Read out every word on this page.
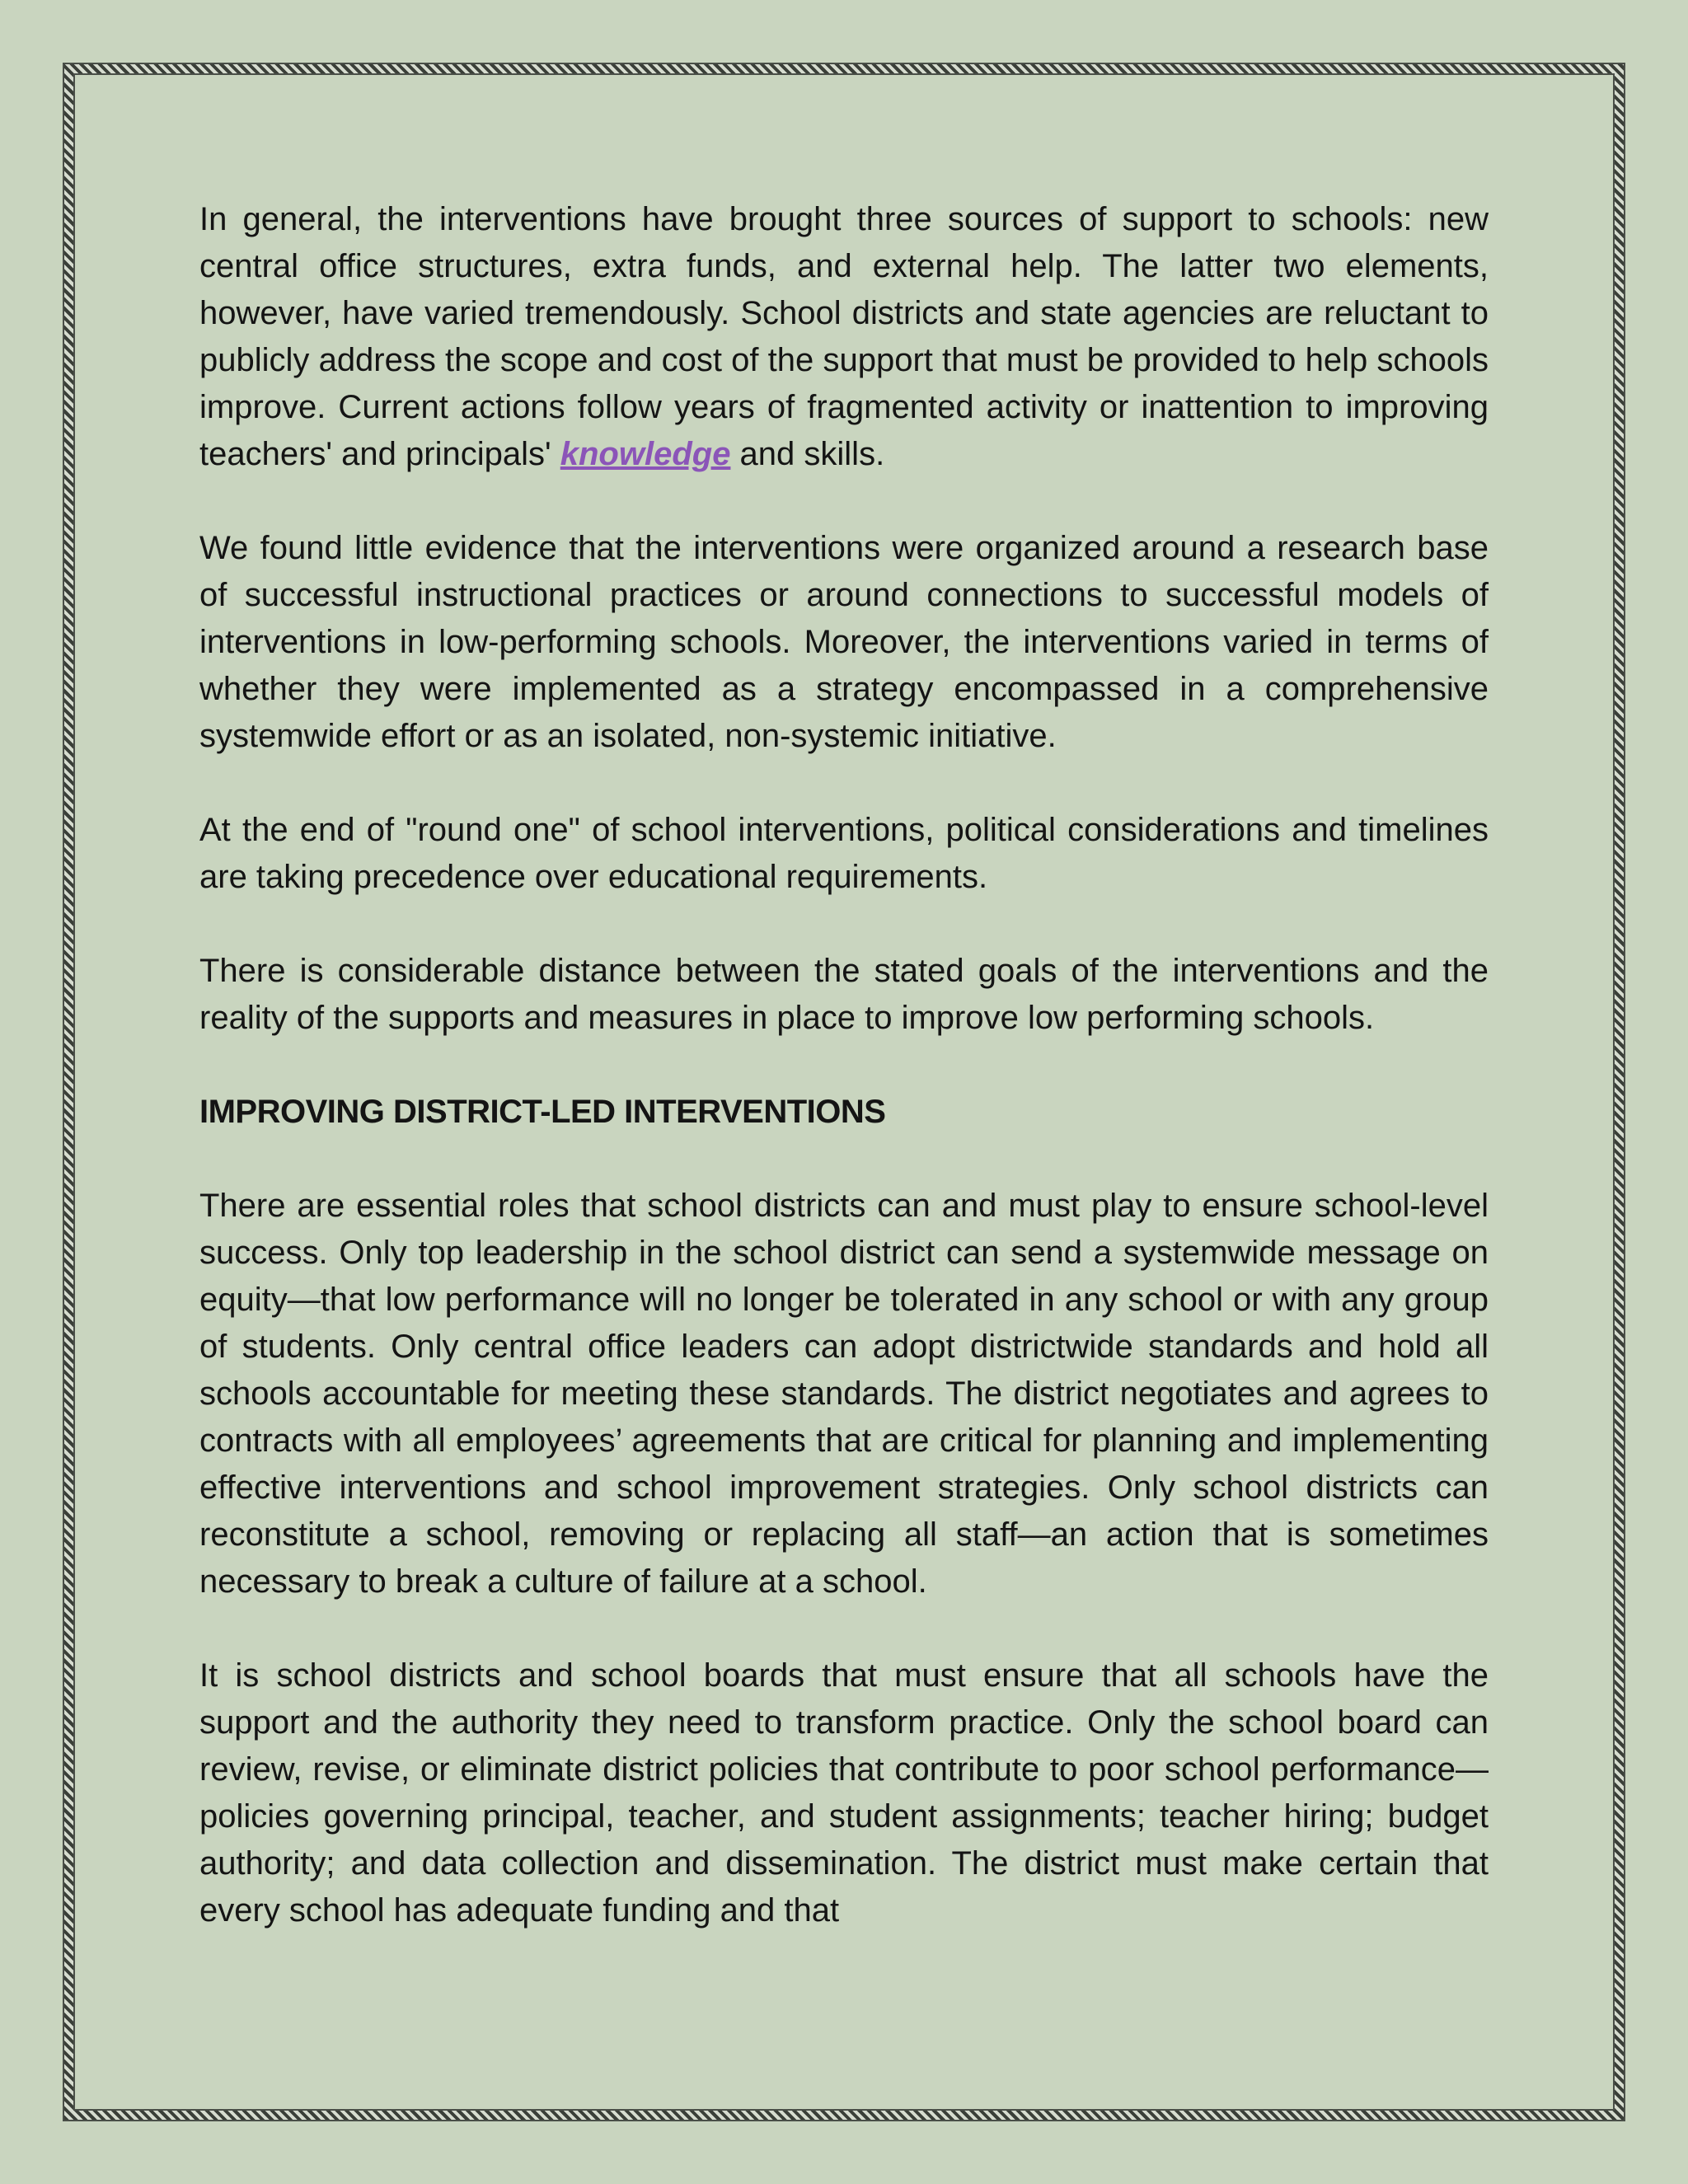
In general, the interventions have brought three sources of support to schools: new central office structures, extra funds, and external help. The latter two elements, however, have varied tremendously. School districts and state agencies are reluctant to publicly address the scope and cost of the support that must be provided to help schools improve. Current actions follow years of fragmented activity or inattention to improving teachers' and principals' knowledge and skills.

We found little evidence that the interventions were organized around a research base of successful instructional practices or around connections to successful models of interventions in low-performing schools. Moreover, the interventions varied in terms of whether they were implemented as a strategy encompassed in a comprehensive systemwide effort or as an isolated, non-systemic initiative.

At the end of "round one" of school interventions, political considerations and timelines are taking precedence over educational requirements.

There is considerable distance between the stated goals of the interventions and the reality of the supports and measures in place to improve low performing schools.

IMPROVING DISTRICT-LED INTERVENTIONS

There are essential roles that school districts can and must play to ensure school-level success. Only top leadership in the school district can send a systemwide message on equity—that low performance will no longer be tolerated in any school or with any group of students. Only central office leaders can adopt districtwide standards and hold all schools accountable for meeting these standards. The district negotiates and agrees to contracts with all employees’ agreements that are critical for planning and implementing effective interventions and school improvement strategies. Only school districts can reconstitute a school, removing or replacing all staff—an action that is sometimes necessary to break a culture of failure at a school.

It is school districts and school boards that must ensure that all schools have the support and the authority they need to transform practice. Only the school board can review, revise, or eliminate district policies that contribute to poor school performance—policies governing principal, teacher, and student assignments; teacher hiring; budget authority; and data collection and dissemination. The district must make certain that every school has adequate funding and that
